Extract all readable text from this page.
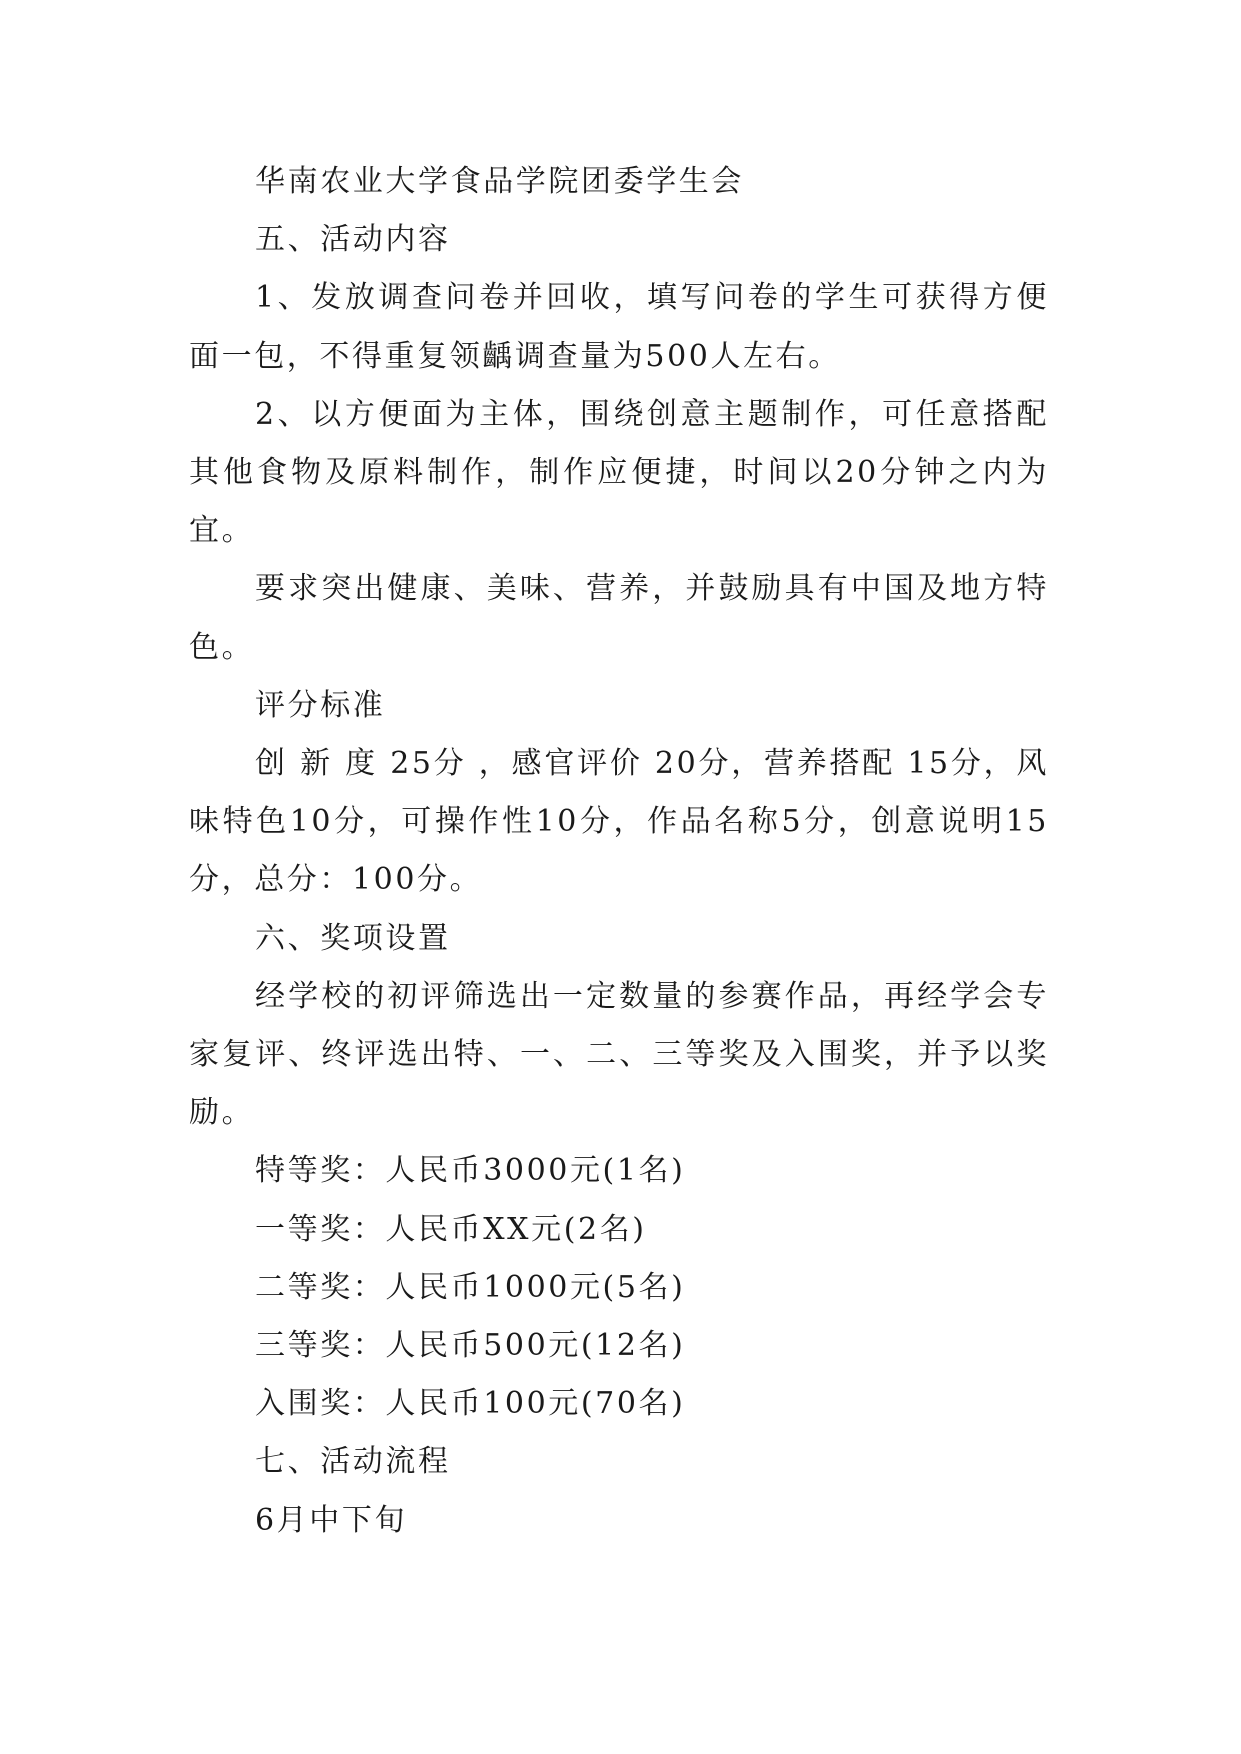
华南农业大学食品学院团委学生会

五、活动内容

1、发放调查问卷并回收，填写问卷的学生可获得方便面一包，不得重复领齲调查量为500人左右。

2、以方便面为主体，围绕创意主题制作，可任意搭配其他食物及原料制作，制作应便捷，时间以20分钟之内为宜。

要求突出健康、美味、营养，并鼓励具有中国及地方特色。

评分标准

创 新 度 25分 ，感官评价 20分，营养搭配 15分，风味特色10分，可操作性10分，作品名称5分，创意说明15分，总分：100分。

六、奖项设置

经学校的初评筛选出一定数量的参赛作品，再经学会专家复评、终评选出特、一、二、三等奖及入围奖，并予以奖励。

特等奖：人民币3000元(1名)

一等奖：人民币XX元(2名)

二等奖：人民币1000元(5名)

三等奖：人民币500元(12名)

入围奖：人民币100元(70名)

七、活动流程

6月中下旬
